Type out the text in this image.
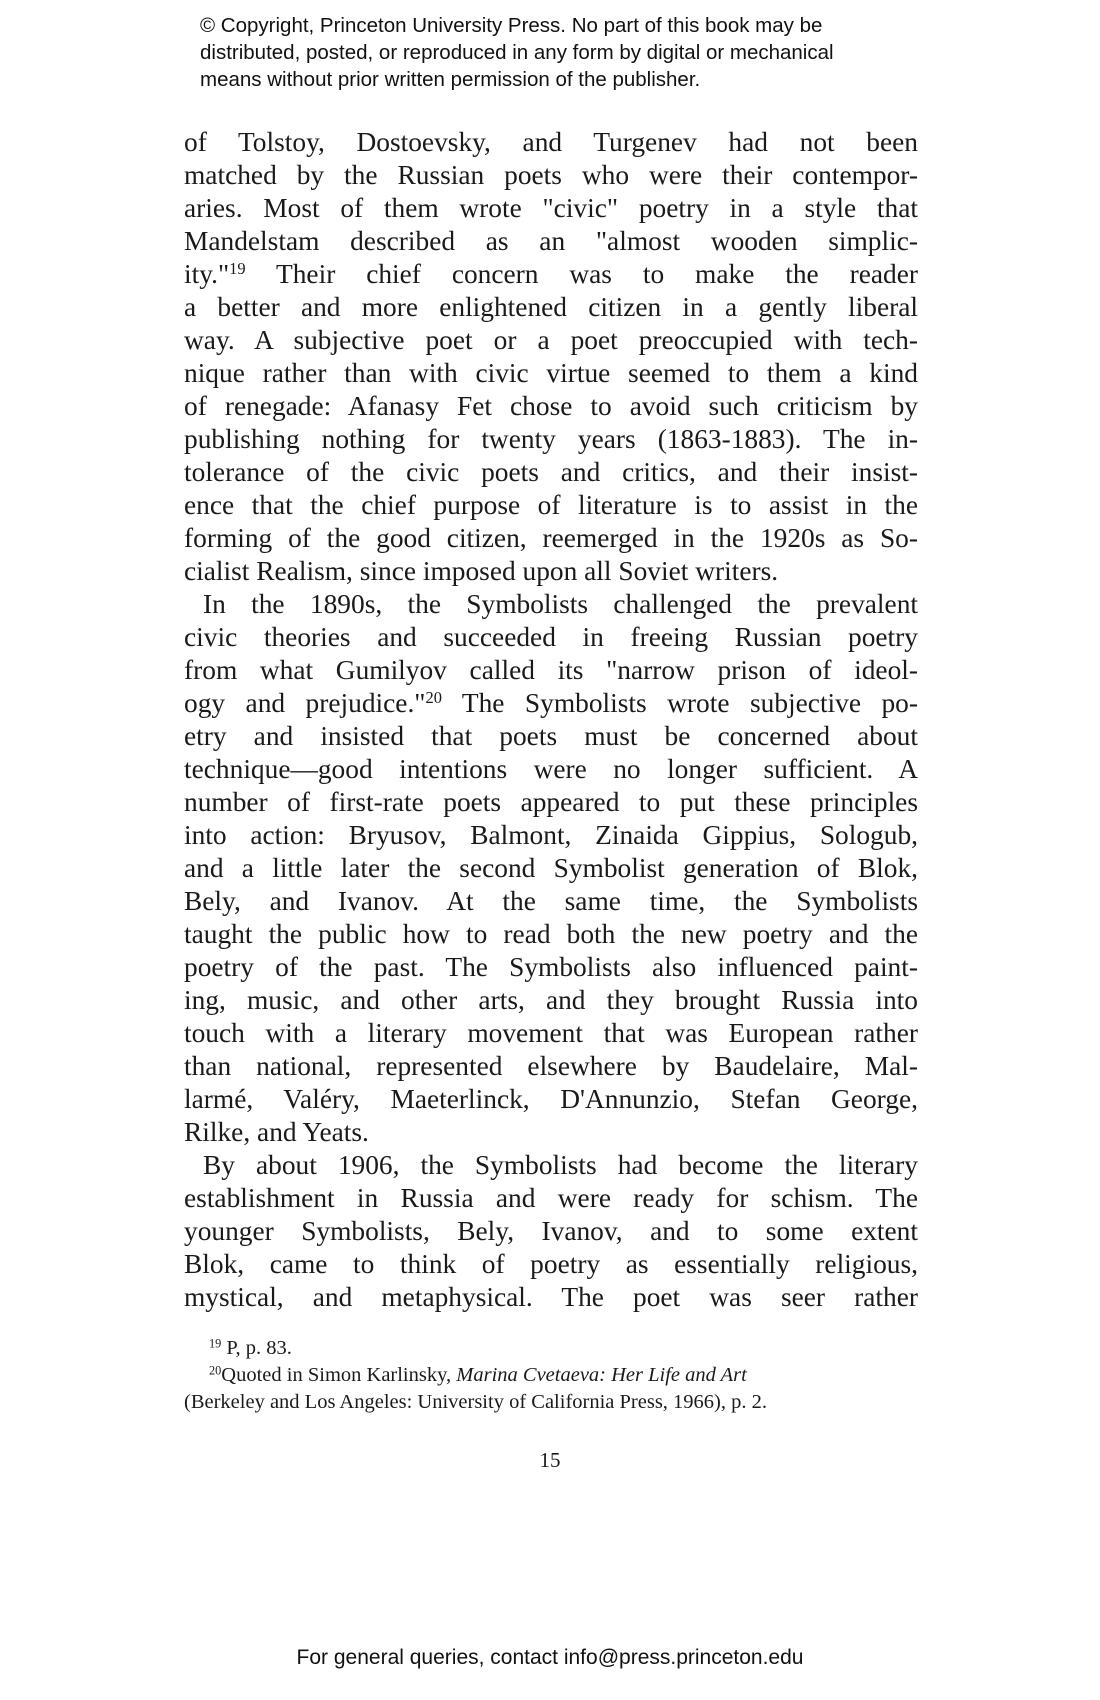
© Copyright, Princeton University Press. No part of this book may be
distributed, posted, or reproduced in any form by digital or mechanical
means without prior written permission of the publisher.
of Tolstoy, Dostoevsky, and Turgenev had not been
matched by the Russian poets who were their contempor-
aries. Most of them wrote "civic" poetry in a style that
Mandelstam described as an "almost wooden simplic-
ity."$^{19}$ Their chief concern was to make the reader
a better and more enlightened citizen in a gently liberal
way. A subjective poet or a poet preoccupied with tech-
nique rather than with civic virtue seemed to them a kind
of renegade: Afanasy Fet chose to avoid such criticism by
publishing nothing for twenty years (1863-1883). The in-
tolerance of the civic poets and critics, and their insist-
ence that the chief purpose of literature is to assist in the
forming of the good citizen, reemerged in the 1920s as So-
cialist Realism, since imposed upon all Soviet writers.
In the 1890s, the Symbolists challenged the prevalent
civic theories and succeeded in freeing Russian poetry
from what Gumilyov called its "narrow prison of ideol-
ogy and prejudice."$^{20}$ The Symbolists wrote subjective po-
etry and insisted that poets must be concerned about
technique—good intentions were no longer sufficient. A
number of first-rate poets appeared to put these principles
into action: Bryusov, Balmont, Zinaida Gippius, Sologub,
and a little later the second Symbolist generation of Blok,
Bely, and Ivanov. At the same time, the Symbolists
taught the public how to read both the new poetry and the
poetry of the past. The Symbolists also influenced paint-
ing, music, and other arts, and they brought Russia into
touch with a literary movement that was European rather
than national, represented elsewhere by Baudelaire, Mal-
larmé, Valéry, Maeterlinck, D'Annunzio, Stefan George,
Rilke, and Yeats.
By about 1906, the Symbolists had become the literary
establishment in Russia and were ready for schism. The
younger Symbolists, Bely, Ivanov, and to some extent
Blok, came to think of poetry as essentially religious,
mystical, and metaphysical. The poet was seer rather
$^{19}$ P, p. 83.
$^{20}$Quoted in Simon Karlinsky, Marina Cvetaeva: Her Life and Art
(Berkeley and Los Angeles: University of California Press, 1966), p. 2.
15
For general queries, contact info@press.princeton.edu
